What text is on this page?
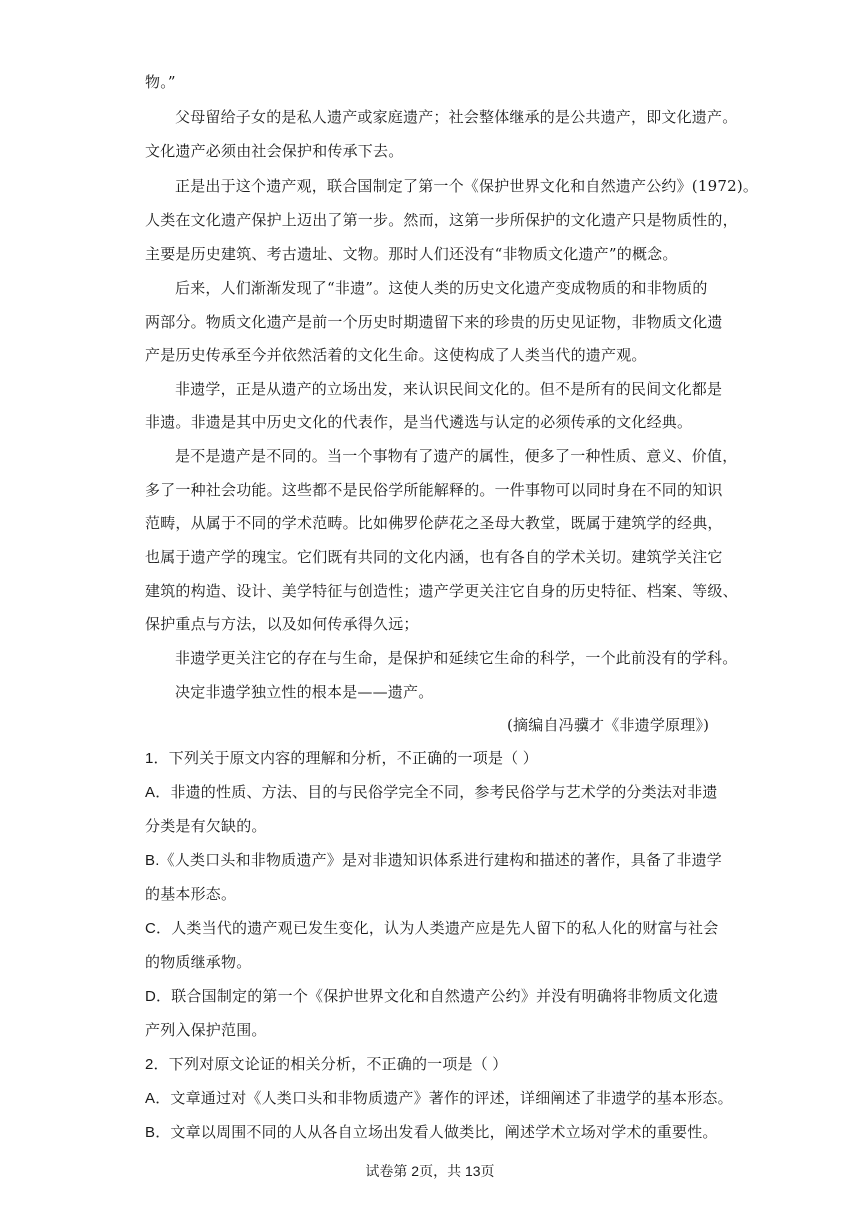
物。”
父母留给子女的是私人遗产或家庭遗产；社会整体继承的是公共遗产，即文化遗产。
文化遗产必须由社会保护和传承下去。
正是出于这个遗产观，联合国制定了第一个《保护世界文化和自然遗产公约》(1972)。
人类在文化遗产保护上迈出了第一步。然而，这第一步所保护的文化遗产只是物质性的，
主要是历史建筑、考古遗址、文物。那时人们还没有“非物质文化遗产”的概念。
后来，人们渐渐发现了“非遗”。这使人类的历史文化遗产变成物质的和非物质的
两部分。物质文化遗产是前一个历史时期遗留下来的珍贵的历史见证物，非物质文化遗
产是历史传承至今并依然活着的文化生命。这使构成了人类当代的遗产观。
非遗学，正是从遗产的立场出发，来认识民间文化的。但不是所有的民间文化都是
非遗。非遗是其中历史文化的代表作，是当代遴选与认定的必须传承的文化经典。
是不是遗产是不同的。当一个事物有了遗产的属性，便多了一种性质、意义、价值，
多了一种社会功能。这些都不是民俗学所能解释的。一件事物可以同时身在不同的知识
范畴，从属于不同的学术范畴。比如佛罗伦萨花之圣母大教堂，既属于建筑学的经典，
也属于遗产学的瑰宝。它们既有共同的文化内涵，也有各自的学术关切。建筑学关注它
建筑的构造、设计、美学特征与创造性；遗产学更关注它自身的历史特征、档案、等级、
保护重点与方法，以及如何传承得久远；
非遗学更关注它的存在与生命，是保护和延续它生命的科学，一个此前没有的学科。
决定非遗学独立性的根本是——遗产。
(摘编自冯骥才《非遗学原理》)
1．下列关于原文内容的理解和分析，不正确的一项是（ ）
A．非遗的性质、方法、目的与民俗学完全不同，参考民俗学与艺术学的分类法对非遗
分类是有欠缺的。
B.《人类口头和非物质遗产》是对非遗知识体系进行建构和描述的著作，具备了非遗学
的基本形态。
C．人类当代的遗产观已发生变化，认为人类遗产应是先人留下的私人化的财富与社会
的物质继承物。
D．联合国制定的第一个《保护世界文化和自然遗产公约》并没有明确将非物质文化遗
产列入保护范围。
2．下列对原文论证的相关分析，不正确的一项是（ ）
A．文章通过对《人类口头和非物质遗产》著作的评述，详细阐述了非遗学的基本形态。
B．文章以周围不同的人从各自立场出发看人做类比，阐述学术立场对学术的重要性。
试卷第 2页，共 13页
